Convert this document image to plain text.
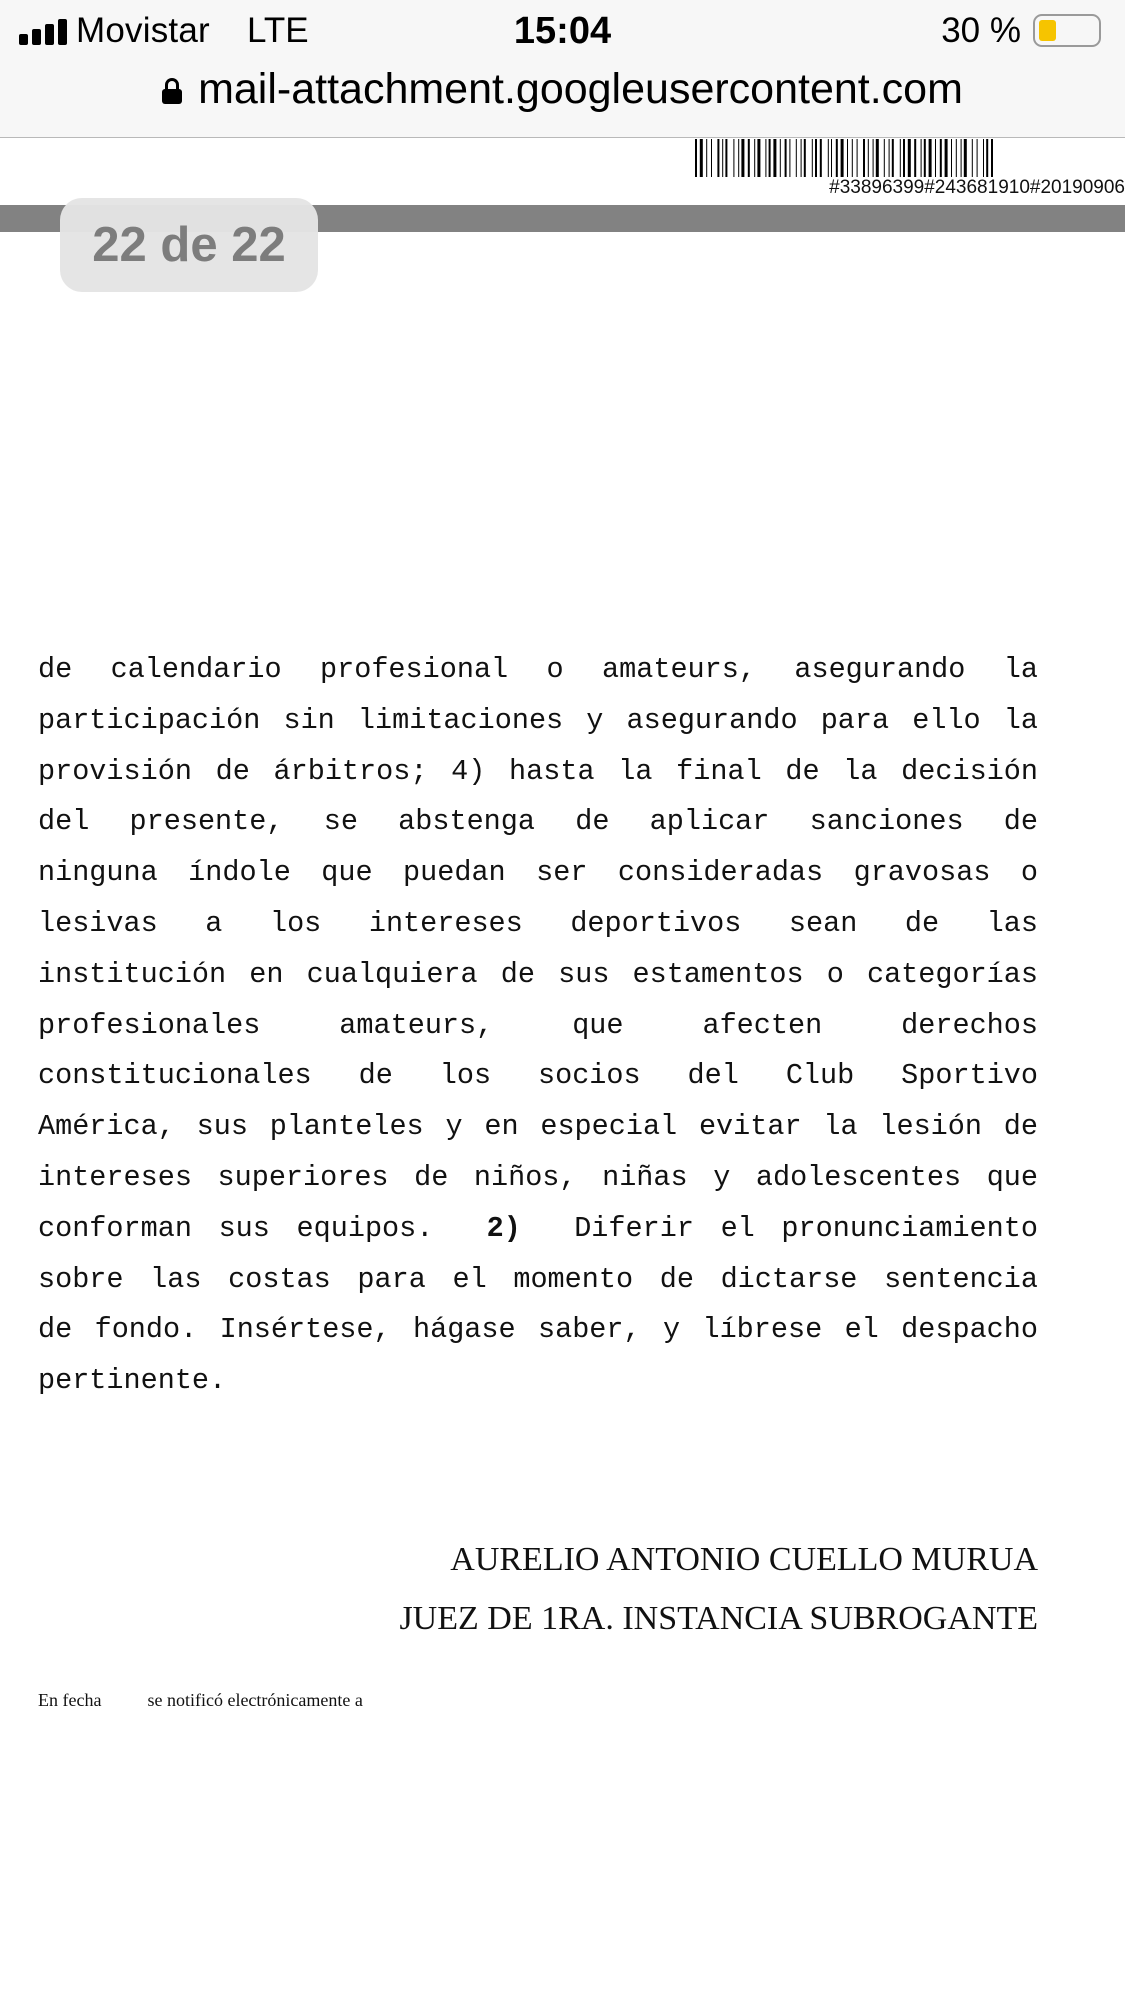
Movistar LTE	15:04	30 %
mail-attachment.googleusercontent.com
#33896399#243681910#20190906
22 de 22
de calendario profesional o amateurs, asegurando la
participación sin limitaciones y asegurando para ello la
provisión de árbitros; 4) hasta la final de la decisión
del presente, se abstenga de aplicar sanciones de
ninguna índole que puedan ser consideradas gravosas o
lesivas a los intereses deportivos sean de las
institución en cualquiera de sus estamentos o categorías
profesionales amateurs, que afecten derechos
constitucionales de los socios del Club Sportivo
América, sus planteles y en especial evitar la lesión de
intereses superiores de niños, niñas y adolescentes que
conforman sus equipos. 2) Diferir el pronunciamiento
sobre las costas para el momento de dictarse sentencia
de fondo. Insértese, hágase saber, y líbrese el despacho
pertinente.
AURELIO ANTONIO CUELLO MURUA
JUEZ DE 1RA. INSTANCIA SUBROGANTE
En fecha	se notificó electrónicamente a
